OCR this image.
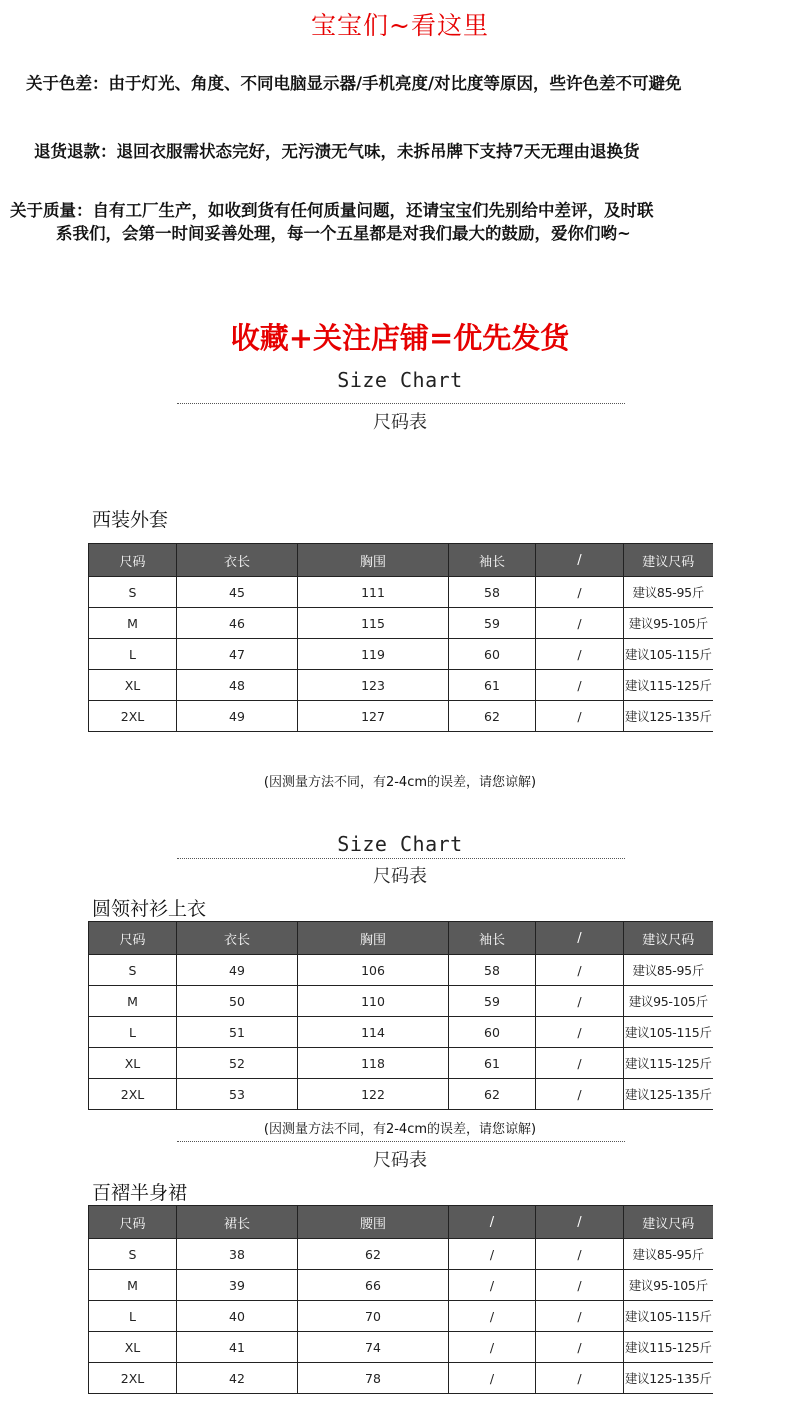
宝宝们~看这里
关于色差：由于灯光、角度、不同电脑显示器/手机亮度/对比度等原因，些许色差不可避免
退货退款：退回衣服需状态完好，无污渍无气味，未拆吊牌下支持7天无理由退换货
关于质量：自有工厂生产，如收到货有任何质量问题，还请宝宝们先别给中差评，及时联
系我们，会第一时间妥善处理，每一个五星都是对我们最大的鼓励，爱你们哟~
收藏+关注店铺=优先发货
Size Chart
尺码表
西装外套
尺码	衣长	胸围	袖长	/	建议尺码
S	45	111	58	/	建议85-95斤
M	46	115	59	/	建议95-105斤
L	47	119	60	/	建议105-115斤
XL	48	123	61	/	建议115-125斤
2XL	49	127	62	/	建议125-135斤
(因测量方法不同，有2-4cm的误差，请您谅解)
Size Chart
尺码表
圆领衬衫上衣
尺码	衣长	胸围	袖长	/	建议尺码
S	49	106	58	/	建议85-95斤
M	50	110	59	/	建议95-105斤
L	51	114	60	/	建议105-115斤
XL	52	118	61	/	建议115-125斤
2XL	53	122	62	/	建议125-135斤
(因测量方法不同，有2-4cm的误差，请您谅解)
尺码表
百褶半身裙
尺码	裙长	腰围	/	/	建议尺码
S	38	62	/	/	建议85-95斤
M	39	66	/	/	建议95-105斤
L	40	70	/	/	建议105-115斤
XL	41	74	/	/	建议115-125斤
2XL	42	78	/	/	建议125-135斤
